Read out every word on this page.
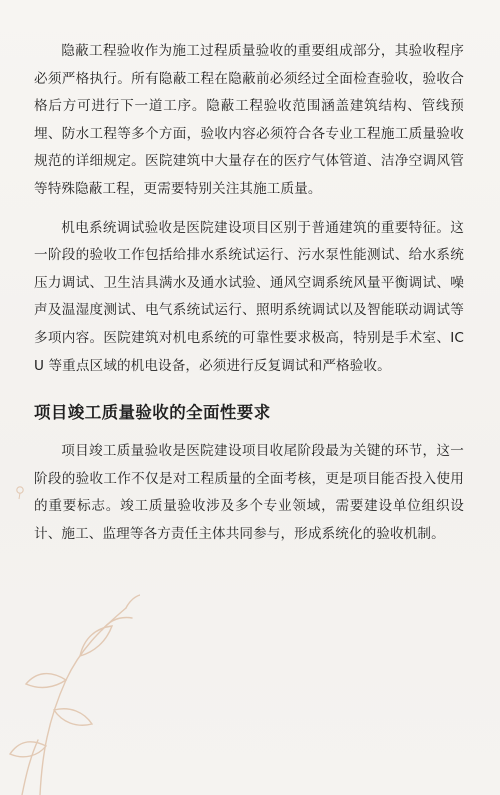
隐蔽工程验收作为施工过程质量验收的重要组成部分，其验收程序必须严格执行。所有隐蔽工程在隐蔽前必须经过全面检查验收，验收合格后方可进行下一道工序。隐蔽工程验收范围涵盖建筑结构、管线预埋、防水工程等多个方面，验收内容必须符合各专业工程施工质量验收规范的详细规定。医院建筑中大量存在的医疗气体管道、洁净空调风管等特殊隐蔽工程，更需要特别关注其施工质量。

机电系统调试验收是医院建设项目区别于普通建筑的重要特征。这一阶段的验收工作包括给排水系统试运行、污水泵性能测试、给水系统压力调试、卫生洁具满水及通水试验、通风空调系统风量平衡调试、噪声及温湿度测试、电气系统试运行、照明系统调试以及智能联动调试等多项内容。医院建筑对机电系统的可靠性要求极高，特别是手术室、ICU 等重点区域的机电设备，必须进行反复调试和严格验收。

项目竣工质量验收的全面性要求

项目竣工质量验收是医院建设项目收尾阶段最为关键的环节，这一阶段的验收工作不仅是对工程质量的全面考核，更是项目能否投入使用的重要标志。竣工质量验收涉及多个专业领域，需要建设单位组织设计、施工、监理等各方责任主体共同参与，形成系统化的验收机制。
